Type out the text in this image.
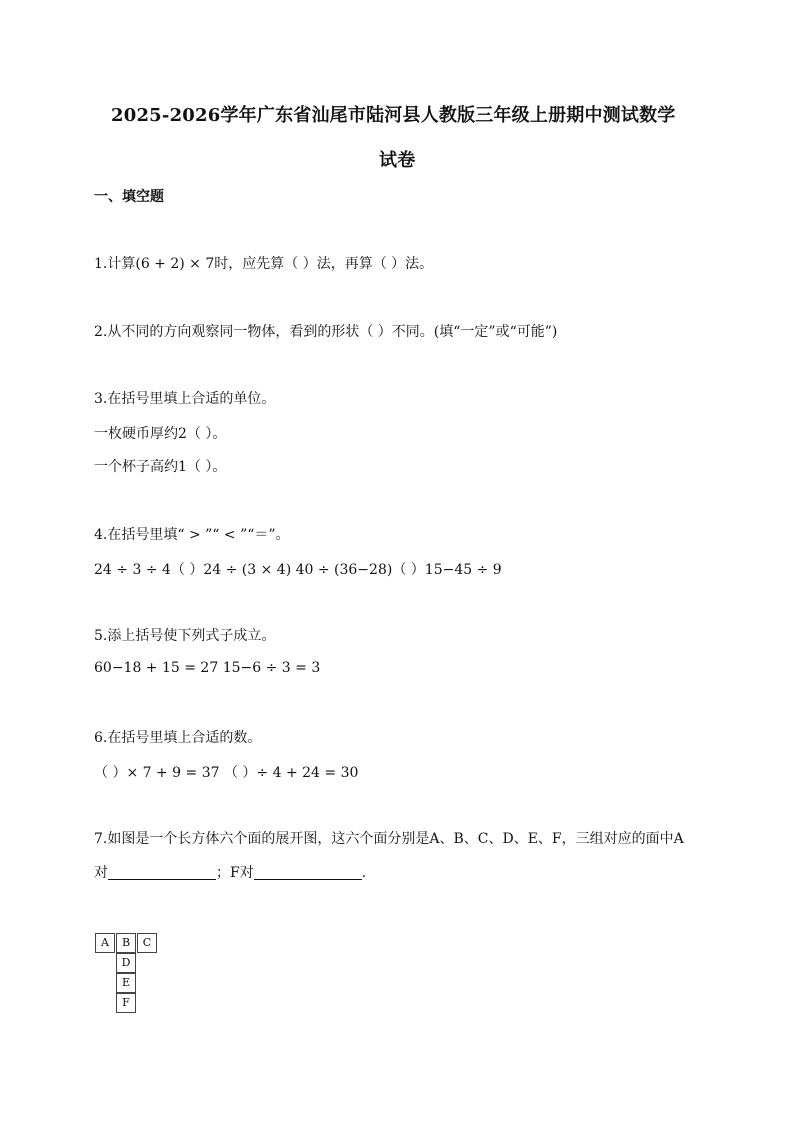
2025-2026学年广东省汕尾市陆河县人教版三年级上册期中测试数学
试卷
一、填空题
1.计算(6 + 2) × 7时，应先算（ ）法，再算（ ）法。
2.从不同的方向观察同一物体，看到的形状（ ）不同。(填“一定”或“可能”)
3.在括号里填上合适的单位。
一枚硬币厚约2（ ）。
一个杯子高约1（ ）。
4.在括号里填“ > ”“ < ”“＝”。
24 ÷ 3 ÷ 4（ ）24 ÷ (3 × 4) 40 ÷ (36−28)（ ）15−45 ÷ 9
5.添上括号使下列式子成立。
60−18 + 15 = 27 15−6 ÷ 3 = 3
6.在括号里填上合适的数。
（ ）× 7 + 9 = 37 （ ）÷ 4 + 24 = 30
7.如图是一个长方体六个面的展开图，这六个面分别是A、B、C、D、E、F，三组对应的面中A
对	；F对	.
A	B	C
D
E
F
